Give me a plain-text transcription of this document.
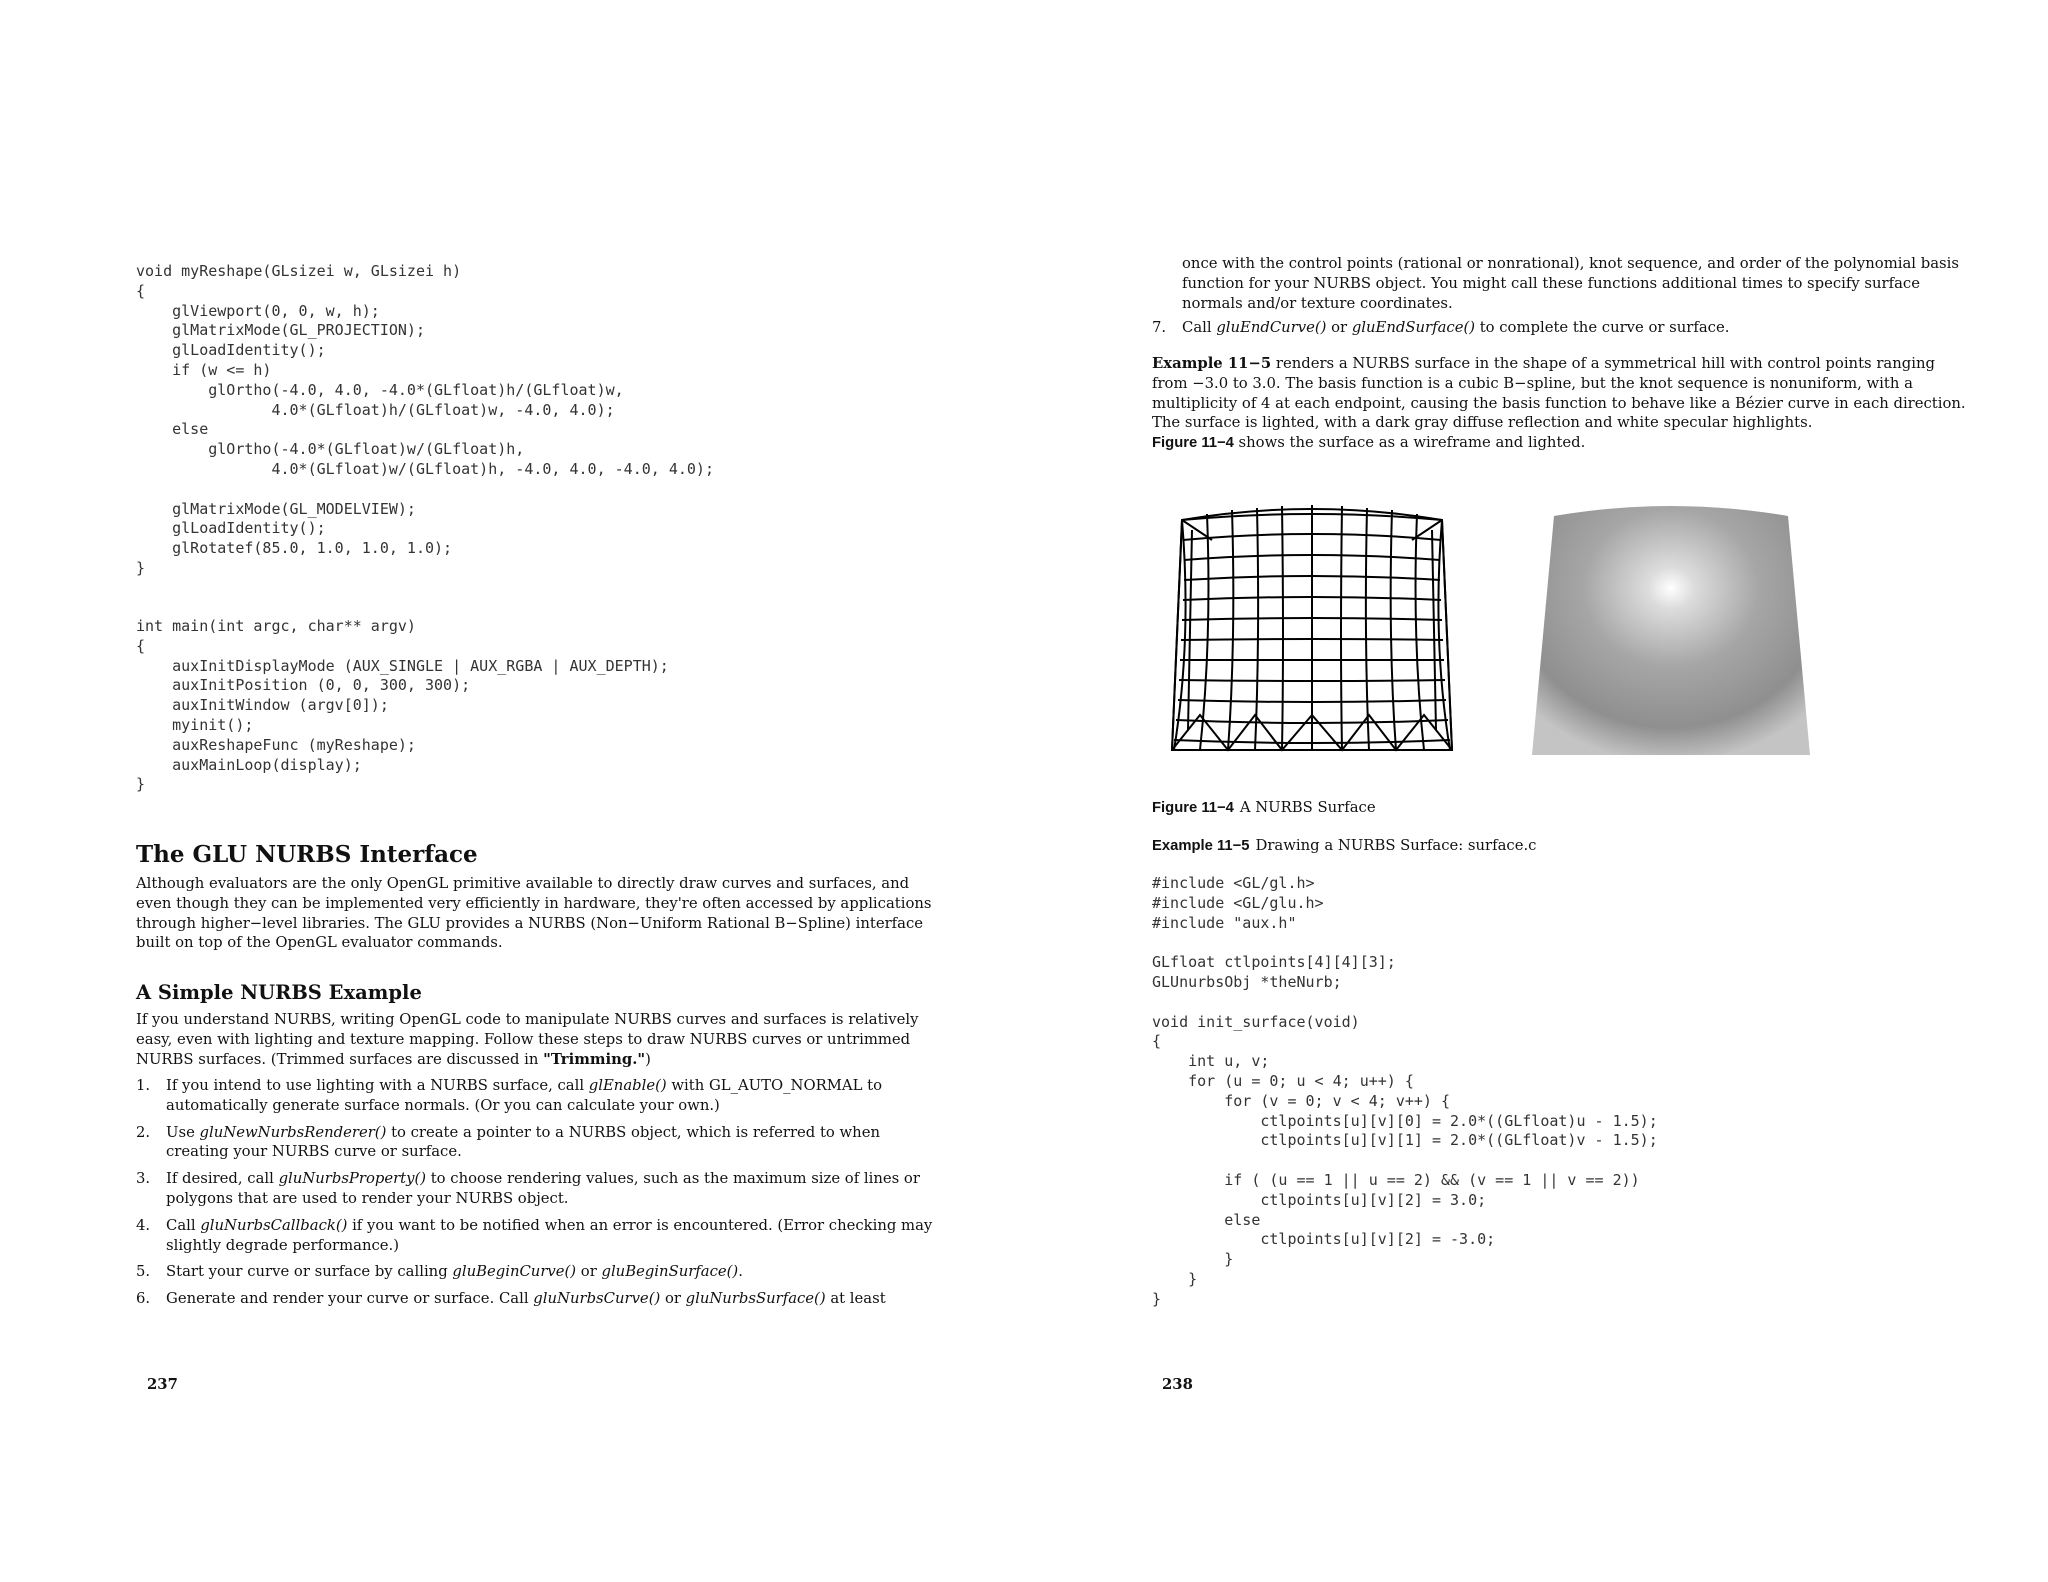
void myReshape(GLsizei w, GLsizei h)
{
glViewport(0, 0, w, h);
glMatrixMode(GL_PROJECTION);
glLoadIdentity();
if (w <= h)
glOrtho(-4.0, 4.0, -4.0*(GLfloat)h/(GLfloat)w,
4.0*(GLfloat)h/(GLfloat)w, -4.0, 4.0);
else
glOrtho(-4.0*(GLfloat)w/(GLfloat)h,
4.0*(GLfloat)w/(GLfloat)h, -4.0, 4.0, -4.0, 4.0);

glMatrixMode(GL_MODELVIEW);
glLoadIdentity();
glRotatef(85.0, 1.0, 1.0, 1.0);
}
int main(int argc, char** argv)
{
auxInitDisplayMode (AUX_SINGLE | AUX_RGBA | AUX_DEPTH);
auxInitPosition (0, 0, 300, 300);
auxInitWindow (argv[0]);
myinit();
auxReshapeFunc (myReshape);
auxMainLoop(display);
}
The GLU NURBS Interface

Although evaluators are the only OpenGL primitive available to directly draw curves and surfaces, and even though they can be implemented very efficiently in hardware, they're often accessed by applications through higher−level libraries. The GLU provides a NURBS (Non−Uniform Rational B−Spline) interface built on top of the OpenGL evaluator commands.

A Simple NURBS Example

If you understand NURBS, writing OpenGL code to manipulate NURBS curves and surfaces is relatively easy, even with lighting and texture mapping. Follow these steps to draw NURBS curves or untrimmed NURBS surfaces. (Trimmed surfaces are discussed in "Trimming.")

1. If you intend to use lighting with a NURBS surface, call glEnable() with GL_AUTO_NORMAL to automatically generate surface normals. (Or you can calculate your own.)
2. Use gluNewNurbsRenderer() to create a pointer to a NURBS object, which is referred to when creating your NURBS curve or surface.
3. If desired, call gluNurbsProperty() to choose rendering values, such as the maximum size of lines or polygons that are used to render your NURBS object.
4. Call gluNurbsCallback() if you want to be notified when an error is encountered. (Error checking may slightly degrade performance.)
5. Start your curve or surface by calling gluBeginCurve() or gluBeginSurface().
6. Generate and render your curve or surface. Call gluNurbsCurve() or gluNurbsSurface() at least
237

once with the control points (rational or nonrational), knot sequence, and order of the polynomial basis function for your NURBS object. You might call these functions additional times to specify surface normals and/or texture coordinates.

7. Call gluEndCurve() or gluEndSurface() to complete the curve or surface.

Example 11−5 renders a NURBS surface in the shape of a symmetrical hill with control points ranging from −3.0 to 3.0. The basis function is a cubic B−spline, but the knot sequence is nonuniform, with a multiplicity of 4 at each endpoint, causing the basis function to behave like a Bézier curve in each direction. The surface is lighted, with a dark gray diffuse reflection and white specular highlights.
Figure 11−4 shows the surface as a wireframe and lighted.

Figure 11−4 A NURBS Surface

Example 11−5 Drawing a NURBS Surface: surface.c

#include <GL/gl.h>
#include <GL/glu.h>
#include "aux.h"

GLfloat ctlpoints[4][4][3];
GLUnurbsObj *theNurb;

void init_surface(void)
{
int u, v;
for (u = 0; u < 4; u++) {
for (v = 0; v < 4; v++) {
ctlpoints[u][v][0] = 2.0*((GLfloat)u - 1.5);
ctlpoints[u][v][1] = 2.0*((GLfloat)v - 1.5);

if ( (u == 1 || u == 2) && (v == 1 || v == 2))
ctlpoints[u][v][2] = 3.0;
else
ctlpoints[u][v][2] = -3.0;
}
}
}
238
